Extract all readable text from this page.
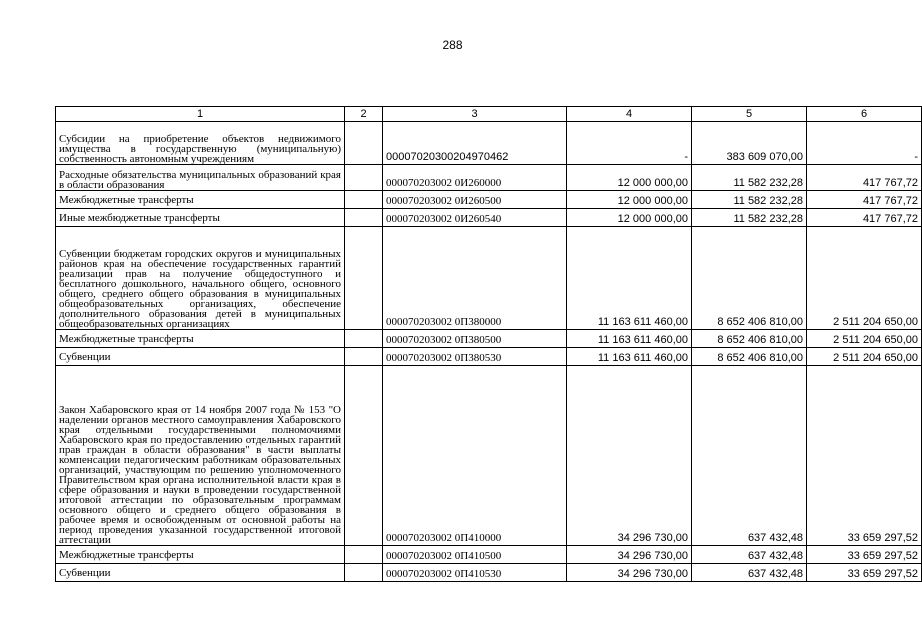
288
1	2	3	4	5	6
Субсидии на приобретение объектов недвижимого имущества в государственную (муниципальную) собственность автономным учреждениям		00007020300204970462	-	383 609 070,00	-
Расходные обязательства муниципальных образований края в области образования		000070203002 0И260000	12 000 000,00	11 582 232,28	417 767,72
Межбюджетные трансферты		000070203002 0И260500	12 000 000,00	11 582 232,28	417 767,72
Иные межбюджетные трансферты		000070203002 0И260540	12 000 000,00	11 582 232,28	417 767,72
Субвенции бюджетам городских округов и муниципальных районов края на обеспечение государственных гарантий реализации прав на получение общедоступного и бесплатного дошкольного, начального общего, основного общего, среднего общего образования в муниципальных общеобразовательных организациях, обеспечение дополнительного образования детей в муниципальных общеобразовательных организациях		000070203002 0П380000	11 163 611 460,00	8 652 406 810,00	2 511 204 650,00
Межбюджетные трансферты		000070203002 0П380500	11 163 611 460,00	8 652 406 810,00	2 511 204 650,00
Субвенции		000070203002 0П380530	11 163 611 460,00	8 652 406 810,00	2 511 204 650,00
Закон Хабаровского края от 14 ноября 2007 года № 153 "О наделении органов местного самоуправления Хабаровского края отдельными государственными полномочиями Хабаровского края по предоставлению отдельных гарантий прав граждан в области образования" в части выплаты компенсации педагогическим работникам образовательных организаций, участвующим по решению уполномоченного Правительством края органа исполнительной власти края в сфере образования и науки в проведении государственной итоговой аттестации по образовательным программам основного общего и среднего общего образования в рабочее время и освобожденным от основной работы на период проведения указанной государственной итоговой аттестации		000070203002 0П410000	34 296 730,00	637 432,48	33 659 297,52
Межбюджетные трансферты		000070203002 0П410500	34 296 730,00	637 432,48	33 659 297,52
Субвенции		000070203002 0П410530	34 296 730,00	637 432,48	33 659 297,52
